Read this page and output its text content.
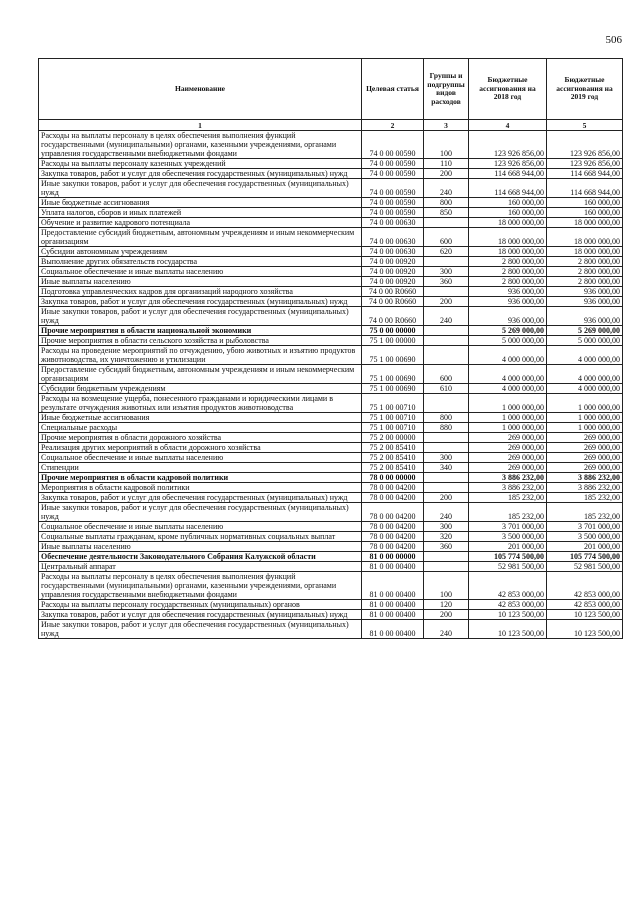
506
Наименование	Целевая статья	Группы и подгруппы видов расходов	Бюджетные ассигнования на 2018 год	Бюджетные ассигнования на 2019 год
1	2	3	4	5
Расходы на выплаты персоналу в целях обеспечения выполнения функций государственными (муниципальными) органами, казенными учреждениями, органами управления государственными внебюджетными фондами	74 0 00 00590	100	123 926 856,00	123 926 856,00
Расходы на выплаты персоналу казенных учреждений	74 0 00 00590	110	123 926 856,00	123 926 856,00
Закупка товаров, работ и услуг для обеспечения государственных (муниципальных) нужд	74 0 00 00590	200	114 668 944,00	114 668 944,00
Иные закупки товаров, работ и услуг для обеспечения государственных (муниципальных) нужд	74 0 00 00590	240	114 668 944,00	114 668 944,00
Иные бюджетные ассигнования	74 0 00 00590	800	160 000,00	160 000,00
Уплата налогов, сборов и иных платежей	74 0 00 00590	850	160 000,00	160 000,00
Обучение и развитие кадрового потенциала	74 0 00 00630		18 000 000,00	18 000 000,00
Предоставление субсидий бюджетным, автономным учреждениям и иным некоммерческим организациям	74 0 00 00630	600	18 000 000,00	18 000 000,00
Субсидии автономным учреждениям	74 0 00 00630	620	18 000 000,00	18 000 000,00
Выполнение других обязательств государства	74 0 00 00920		2 800 000,00	2 800 000,00
Социальное обеспечение и иные выплаты населению	74 0 00 00920	300	2 800 000,00	2 800 000,00
Иные выплаты населению	74 0 00 00920	360	2 800 000,00	2 800 000,00
Подготовка управленческих кадров для организаций народного хозяйства	74 0 00 R0660		936 000,00	936 000,00
Закупка товаров, работ и услуг для обеспечения государственных (муниципальных) нужд	74 0 00 R0660	200	936 000,00	936 000,00
Иные закупки товаров, работ и услуг для обеспечения государственных (муниципальных) нужд	74 0 00 R0660	240	936 000,00	936 000,00
Прочие мероприятия в области национальной экономики	75 0 00 00000		5 269 000,00	5 269 000,00
Прочие мероприятия в области сельского хозяйства и рыболовства	75 1 00 00000		5 000 000,00	5 000 000,00
Расходы на проведение мероприятий по отчуждению, убою животных и изъятию продуктов животноводства, их уничтожению и утилизации	75 1 00 00690		4 000 000,00	4 000 000,00
Предоставление субсидий бюджетным, автономным учреждениям и иным некоммерческим организациям	75 1 00 00690	600	4 000 000,00	4 000 000,00
Субсидии бюджетным учреждениям	75 1 00 00690	610	4 000 000,00	4 000 000,00
Расходы на возмещение ущерба, понесенного гражданами и юридическими лицами в результате отчуждения животных или изъятия продуктов животноводства	75 1 00 00710		1 000 000,00	1 000 000,00
Иные бюджетные ассигнования	75 1 00 00710	800	1 000 000,00	1 000 000,00
Специальные расходы	75 1 00 00710	880	1 000 000,00	1 000 000,00
Прочие мероприятия в области дорожного хозяйства	75 2 00 00000		269 000,00	269 000,00
Реализация других мероприятий в области дорожного хозяйства	75 2 00 85410		269 000,00	269 000,00
Социальное обеспечение и иные выплаты населению	75 2 00 85410	300	269 000,00	269 000,00
Стипендии	75 2 00 85410	340	269 000,00	269 000,00
Прочие мероприятия в области кадровой политики	78 0 00 00000		3 886 232,00	3 886 232,00
Мероприятия в области кадровой политики	78 0 00 04200		3 886 232,00	3 886 232,00
Закупка товаров, работ и услуг для обеспечения государственных (муниципальных) нужд	78 0 00 04200	200	185 232,00	185 232,00
Иные закупки товаров, работ и услуг для обеспечения государственных (муниципальных) нужд	78 0 00 04200	240	185 232,00	185 232,00
Социальное обеспечение и иные выплаты населению	78 0 00 04200	300	3 701 000,00	3 701 000,00
Социальные выплаты гражданам, кроме публичных нормативных социальных выплат	78 0 00 04200	320	3 500 000,00	3 500 000,00
Иные выплаты населению	78 0 00 04200	360	201 000,00	201 000,00
Обеспечение деятельности Законодательного Собрания Калужской области	81 0 00 00000		105 774 500,00	105 774 500,00
Центральный аппарат	81 0 00 00400		52 981 500,00	52 981 500,00
Расходы на выплаты персоналу в целях обеспечения выполнения функций государственными (муниципальными) органами, казенными учреждениями, органами управления государственными внебюджетными фондами	81 0 00 00400	100	42 853 000,00	42 853 000,00
Расходы на выплаты персоналу государственных (муниципальных) органов	81 0 00 00400	120	42 853 000,00	42 853 000,00
Закупка товаров, работ и услуг для обеспечения государственных (муниципальных) нужд	81 0 00 00400	200	10 123 500,00	10 123 500,00
Иные закупки товаров, работ и услуг для обеспечения государственных (муниципальных) нужд	81 0 00 00400	240	10 123 500,00	10 123 500,00
